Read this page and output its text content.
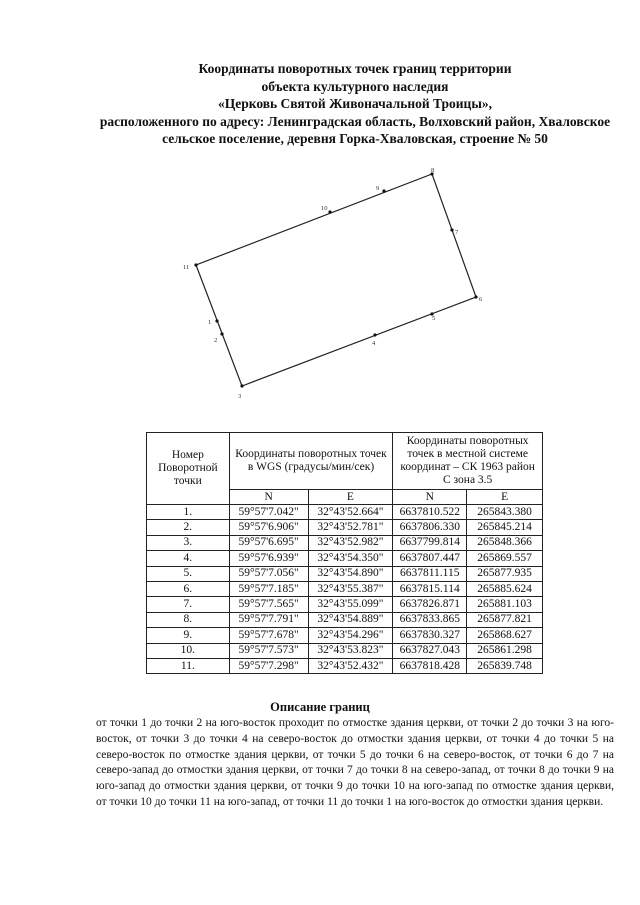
Координаты поворотных точек границ территории
объекта культурного наследия
«Церковь Святой Живоначальной Троицы»,
расположенного по адресу: Ленинградская область, Волховский район, Хваловское
сельское поселение, деревня Горка-Хваловская, строение № 50
1
2
3
4
5
6
7
8
9
10
11
Номер Поворотной точки	Координаты поворотных точек в WGS (градусы/мин/сек)		Координаты поворотных точек в местной системе координат – СК 1963 район С зона 3.5	
	N	E	N	E
1.	59°57'7.042"	32°43'52.664"	6637810.522	265843.380
2.	59°57'6.906"	32°43'52.781"	6637806.330	265845.214
3.	59°57'6.695"	32°43'52.982"	6637799.814	265848.366
4.	59°57'6.939"	32°43'54.350"	6637807.447	265869.557
5.	59°57'7.056"	32°43'54.890"	6637811.115	265877.935
6.	59°57'7.185"	32°43'55.387"	6637815.114	265885.624
7.	59°57'7.565"	32°43'55.099"	6637826.871	265881.103
8.	59°57'7.791"	32°43'54.889"	6637833.865	265877.821
9.	59°57'7.678"	32°43'54.296"	6637830.327	265868.627
10.	59°57'7.573"	32°43'53.823"	6637827.043	265861.298
11.	59°57'7.298"	32°43'52.432"	6637818.428	265839.748
Описание границ
от точки 1 до точки 2 на юго-восток проходит по отмостке здания церкви, от точки 2 до точки 3 на юго-восток, от точки 3 до точки 4 на северо-восток до отмостки здания церкви, от точки 4 до точки 5 на северо-восток по отмостке здания церкви, от точки 5 до точки 6 на северо-восток, от точки 6 до 7 на северо-запад до отмостки здания церкви, от точки 7 до точки 8 на северо-запад, от точки 8 до точки 9 на юго-запад до отмостки здания церкви, от точки 9 до точки 10 на юго-запад по отмостке здания церкви, от точки 10 до точки 11 на юго-запад, от точки 11 до точки 1 на юго-восток до отмостки здания церкви.
